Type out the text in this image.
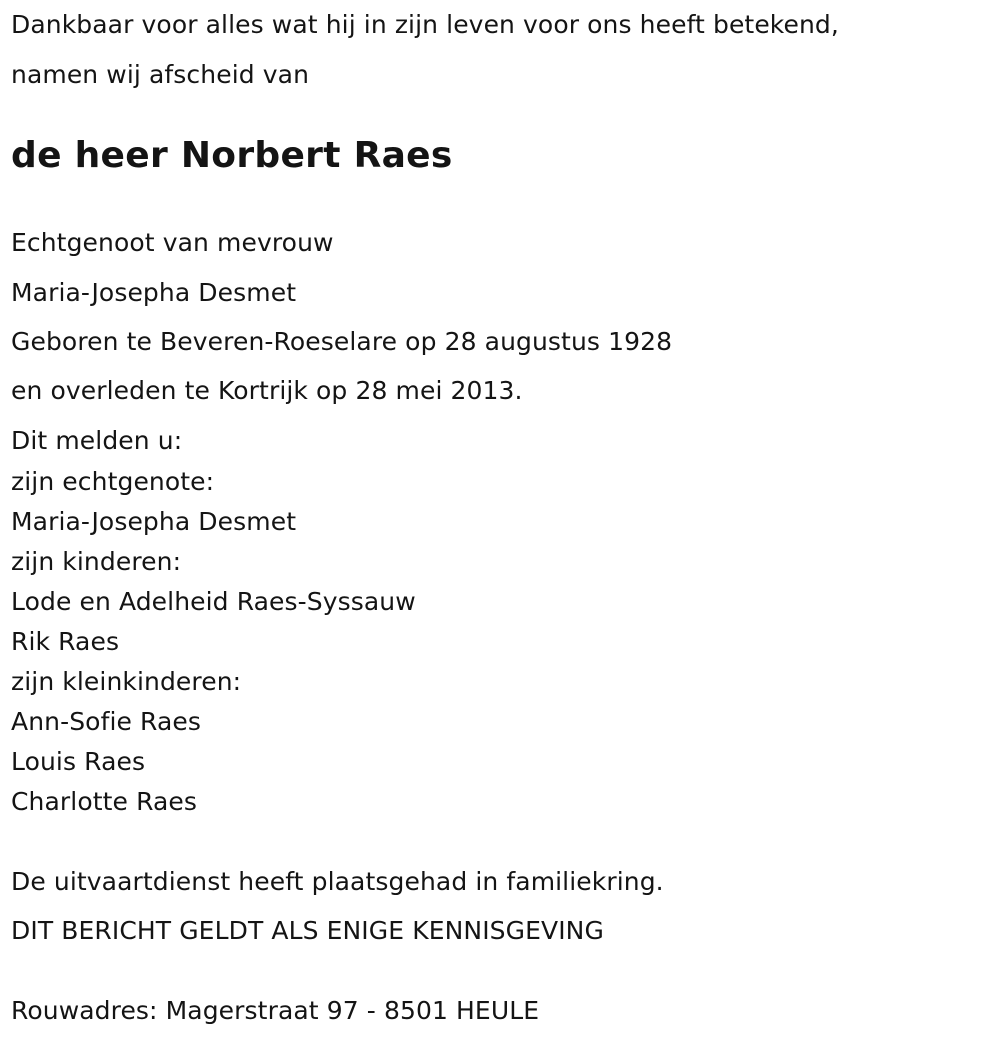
Dankbaar voor alles wat hij in zijn leven voor ons heeft betekend,
namen wij afscheid van
de heer Norbert Raes
Echtgenoot van mevrouw
Maria-Josepha Desmet
Geboren te Beveren-Roeselare op 28 augustus 1928
en overleden te Kortrijk op 28 mei 2013.
Dit melden u:
zijn echtgenote:
Maria-Josepha Desmet
zijn kinderen:
Lode en Adelheid Raes-Syssauw
Rik Raes
zijn kleinkinderen:
Ann-Sofie Raes
Louis Raes
Charlotte Raes
De uitvaartdienst heeft plaatsgehad in familiekring.
DIT BERICHT GELDT ALS ENIGE KENNISGEVING
Rouwadres: Magerstraat 97 - 8501 HEULE
